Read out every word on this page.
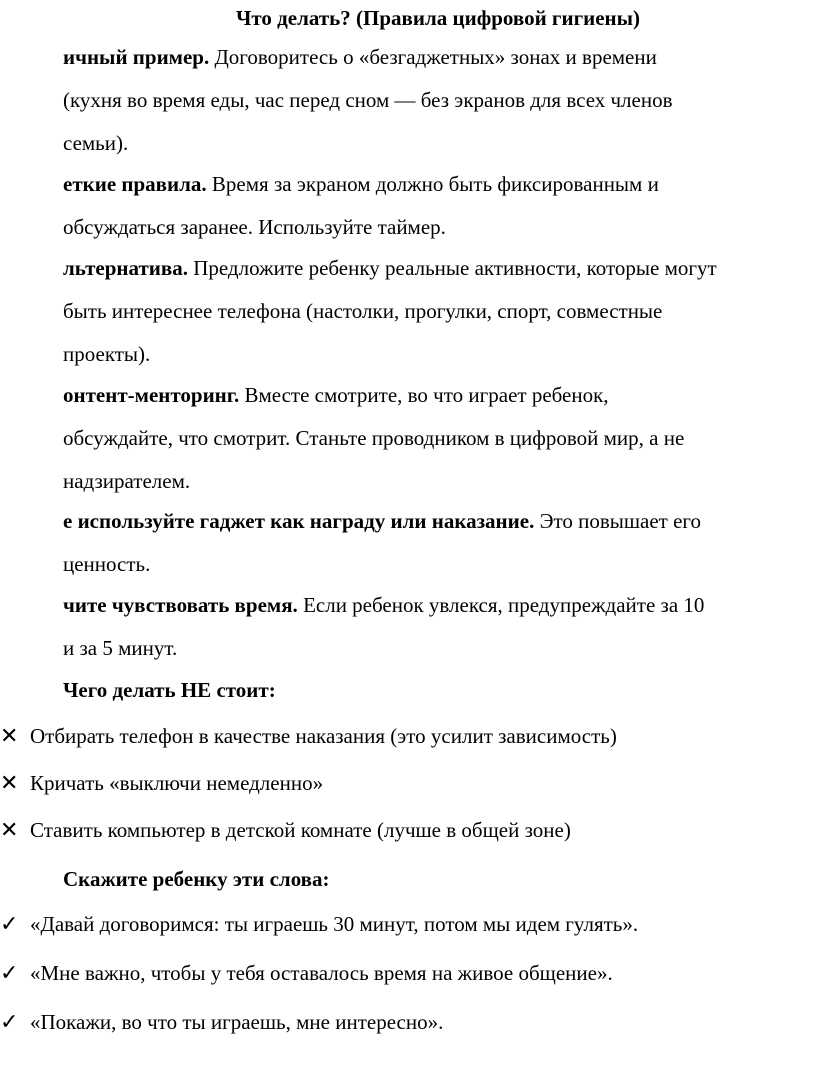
Что делать? (Правила цифровой гигиены)
ичный пример. Договоритесь о «безгаджетных» зонах и времени
(кухня во время еды, час перед сном — без экранов для всех членов
семьи).
еткие правила. Время за экраном должно быть фиксированным и
обсуждаться заранее. Используйте таймер.
льтернатива. Предложите ребенку реальные активности, которые могут
быть интереснее телефона (настолки, прогулки, спорт, совместные
проекты).
онтент-менторинг. Вместе смотрите, во что играет ребенок,
обсуждайте, что смотрит. Станьте проводником в цифровой мир, а не
надзирателем.
е используйте гаджет как награду или наказание. Это повышает его
ценность.
чите чувствовать время. Если ребенок увлекся, предупреждайте за 10
и за 5 минут.
Чего делать НЕ стоит:
✕ Отбирать телефон в качестве наказания (это усилит зависимость)
✕ Кричать «выключи немедленно»
✕ Ставить компьютер в детской комнате (лучше в общей зоне)
Скажите ребенку эти слова:
✓ «Давай договоримся: ты играешь 30 минут, потом мы идем гулять».
✓ «Мне важно, чтобы у тебя оставалось время на живое общение».
✓ «Покажи, во что ты играешь, мне интересно».
